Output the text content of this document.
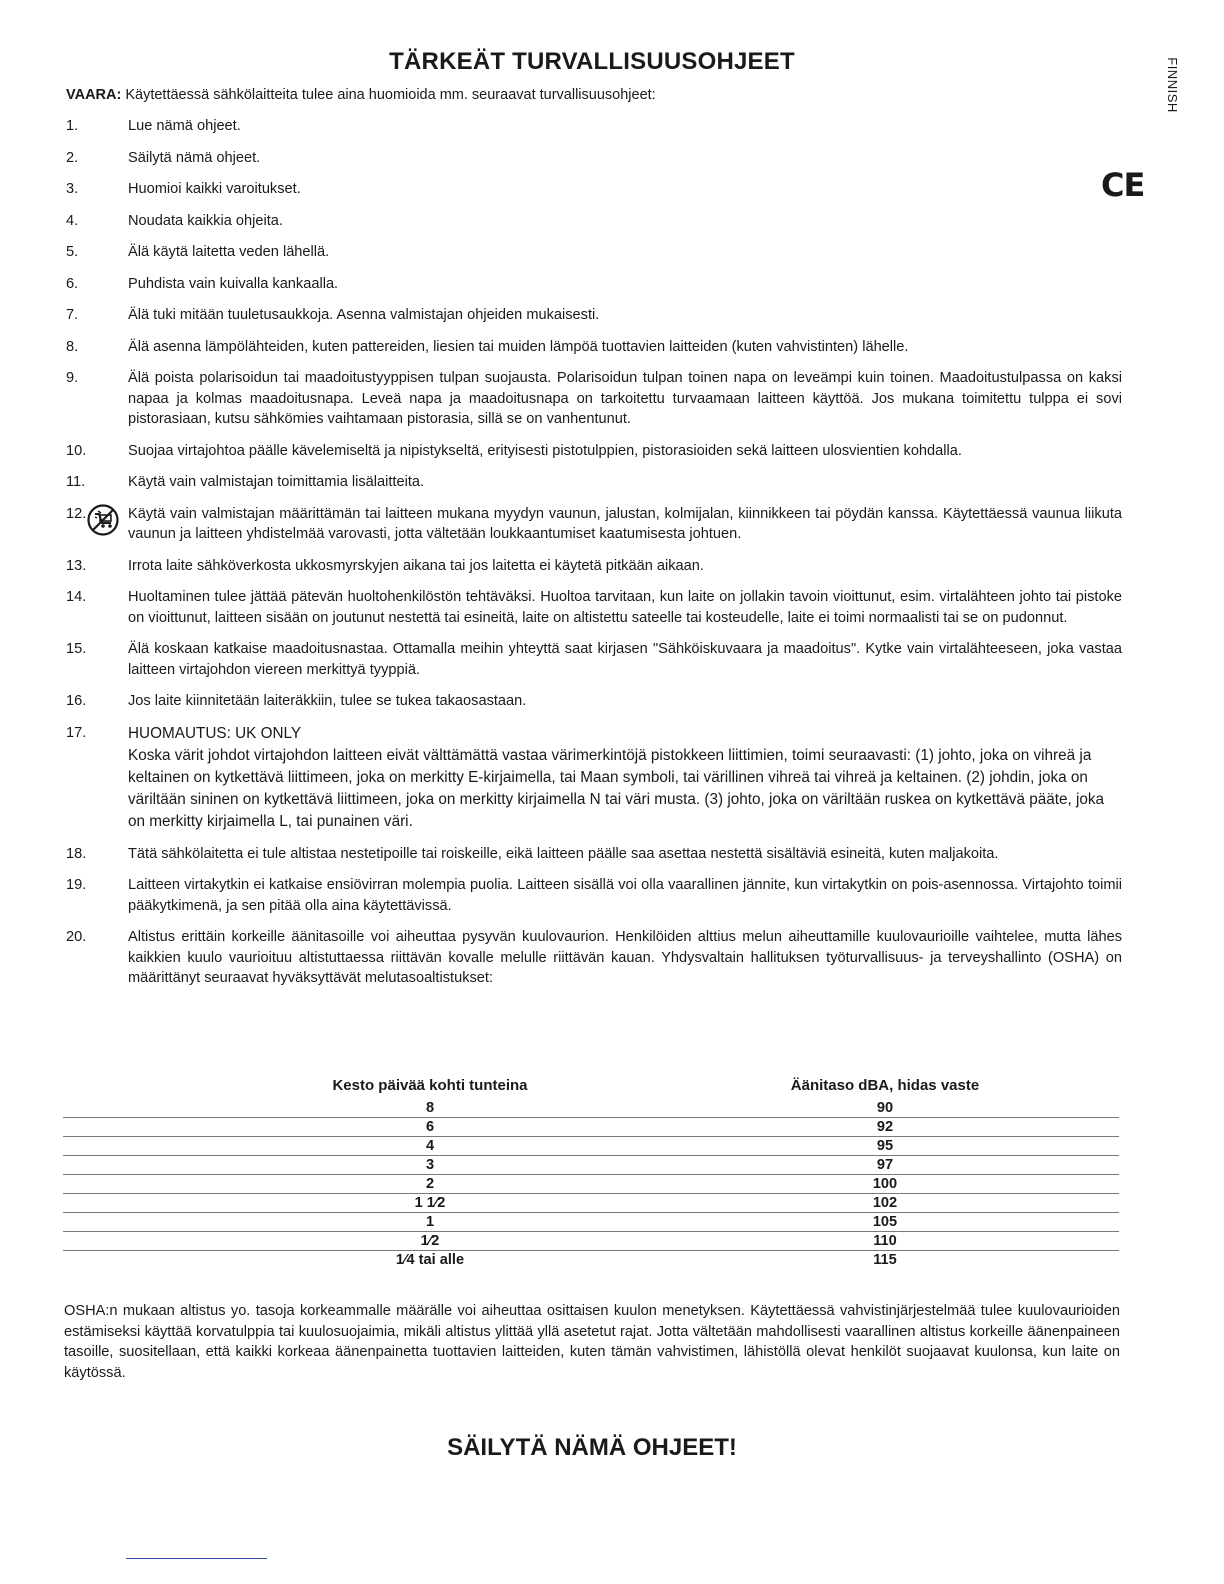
TÄRKEÄT TURVALLISUUSOHJEET	FINNISH
CE
VAARA: Käytettäessä sähkölaitteita tulee aina huomioida mm. seuraavat turvallisuusohjeet:
1.	Lue nämä ohjeet.
2.	Säilytä nämä ohjeet.
3.	Huomioi kaikki varoitukset.
4.	Noudata kaikkia ohjeita.
5.	Älä käytä laitetta veden lähellä.
6.	Puhdista vain kuivalla kankaalla.
7.	Älä tuki mitään tuuletusaukkoja. Asenna valmistajan ohjeiden mukaisesti.
8.	Älä asenna lämpölähteiden, kuten pattereiden, liesien tai muiden lämpöä tuottavien laitteiden (kuten vahvistinten) lähelle.
9.	Älä poista polarisoidun tai maadoitustyyppisen tulpan suojausta. Polarisoidun tulpan toinen napa on leveämpi kuin toinen. Maadoitustulpassa on kaksi napaa ja kolmas maadoitusnapa. Leveä napa ja maadoitusnapa on tarkoitettu turvaamaan laitteen käyttöä. Jos mukana toimitettu tulppa ei sovi pistorasiaan, kutsu sähkömies vaihtamaan pistorasia, sillä se on vanhentunut.
10.	Suojaa virtajohtoa päälle kävelemiseltä ja nipistykseltä, erityisesti pistotulppien, pistorasioiden sekä laitteen ulosvientien kohdalla.
11.	Käytä vain valmistajan toimittamia lisälaitteita.
12.	Käytä vain valmistajan määrittämän tai laitteen mukana myydyn vaunun, jalustan, kolmijalan, kiinnikkeen tai pöydän kanssa. Käytettäessä vaunua liikuta vaunun ja laitteen yhdistelmää varovasti, jotta vältetään loukkaantumiset kaatumisesta johtuen.
13.	Irrota laite sähköverkosta ukkosmyrskyjen aikana tai jos laitetta ei käytetä pitkään aikaan.
14.	Huoltaminen tulee jättää pätevän huoltohenkilöstön tehtäväksi. Huoltoa tarvitaan, kun laite on jollakin tavoin vioittunut, esim. virtalähteen johto tai pistoke on vioittunut, laitteen sisään on joutunut nestettä tai esineitä, laite on altistettu sateelle tai kosteudelle, laite ei toimi normaalisti tai se on pudonnut.
15.	Älä koskaan katkaise maadoitusnastaa. Ottamalla meihin yhteyttä saat kirjasen "Sähköiskuvaara ja maadoitus". Kytke vain virtalähteeseen, joka vastaa laitteen virtajohdon viereen merkittyä tyyppiä.
16.	Jos laite kiinnitetään laiteräkkiin, tulee se tukea takaosastaan.
17.	HUOMAUTUS: UK ONLY
Koska värit johdot virtajohdon laitteen eivät välttämättä vastaa värimerkintöjä pistokkeen liittimien, toimi seuraavasti: (1) johto, joka on vihreä ja keltainen on kytkettävä liittimeen, joka on merkitty E-kirjaimella, tai Maan symboli, tai värillinen vihreä tai vihreä ja keltainen. (2) johdin, joka on väriltään sininen on kytkettävä liittimeen, joka on merkitty kirjaimella N tai väri musta. (3) johto, joka on väriltään ruskea on kytkettävä pääte, joka on merkitty kirjaimella L, tai punainen väri.
18.	Tätä sähkölaitetta ei tule altistaa nestetipoille tai roiskeille, eikä laitteen päälle saa asettaa nestettä sisältäviä esineitä, kuten maljakoita.
19.	Laitteen virtakytkin ei katkaise ensiövirran molempia puolia. Laitteen sisällä voi olla vaarallinen jännite, kun virtakytkin on pois-asennossa. Virtajohto toimii pääkytkimenä, ja sen pitää olla aina käytettävissä.
20.	Altistus erittäin korkeille äänitasoille voi aiheuttaa pysyvän kuulovaurion. Henkilöiden alttius melun aiheuttamille kuulovaurioille vaihtelee, mutta lähes kaikkien kuulo vaurioituu altistuttaessa riittävän kovalle melulle riittävän kauan. Yhdysvaltain hallituksen työturvallisuus- ja terveyshallinto (OSHA) on määrittänyt seuraavat hyväksyttävät melutasoaltistukset:
Kesto päivää kohti tunteina	Äänitaso dBA, hidas vaste
8	90
6	92
4	95
3	97
2	100
1 1⁄2	102
1	105
1⁄2	110
1⁄4 tai alle	115
OSHA:n mukaan altistus yo. tasoja korkeammalle määrälle voi aiheuttaa osittaisen kuulon menetyksen. Käytettäessä vahvistinjärjestelmää tulee kuulovaurioiden estämiseksi käyttää korvatulppia tai kuulosuojaimia, mikäli altistus ylittää yllä asetetut rajat. Jotta vältetään mahdollisesti vaarallinen altistus korkeille äänenpaineen tasoille, suositellaan, että kaikki korkeaa äänenpainetta tuottavien laitteiden, kuten tämän vahvistimen, lähistöllä olevat henkilöt suojaavat kuulonsa, kun laite on käytössä.
SÄILYTÄ NÄMÄ OHJEET!
